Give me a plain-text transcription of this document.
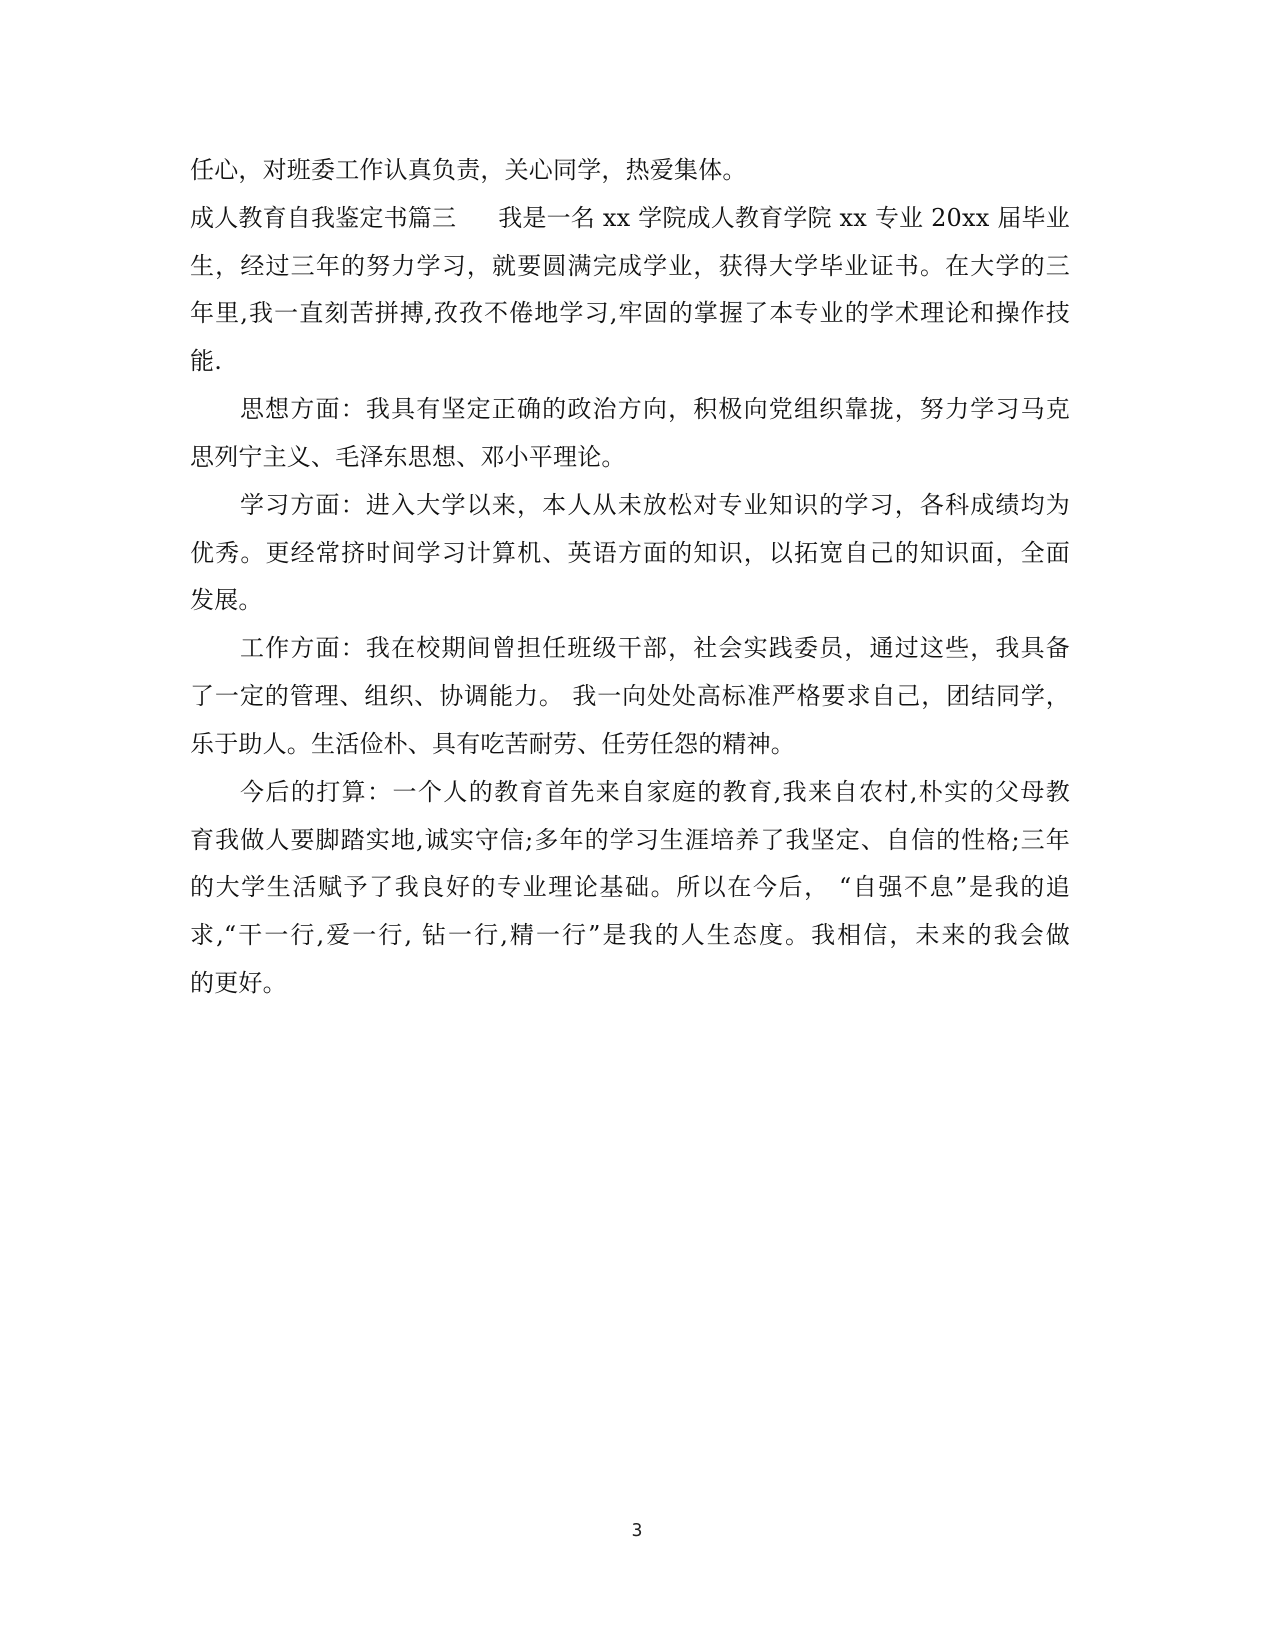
任心，对班委工作认真负责，关心同学，热爱集体。
成人教育自我鉴定书篇三 我是一名 xx 学院成人教育学院 xx 专业 20xx 届毕业
生，经过三年的努力学习，就要圆满完成学业，获得大学毕业证书。在大学的三
年里,我一直刻苦拼搏,孜孜不倦地学习,牢固的掌握了本专业的学术理论和操作技
能.
思想方面：我具有坚定正确的政治方向，积极向党组织靠拢，努力学习马克
思列宁主义、毛泽东思想、邓小平理论。
学习方面：进入大学以来，本人从未放松对专业知识的学习，各科成绩均为
优秀。更经常挤时间学习计算机、英语方面的知识，以拓宽自己的知识面，全面
发展。
工作方面：我在校期间曾担任班级干部，社会实践委员，通过这些，我具备
了一定的管理、组织、协调能力。 我一向处处高标准严格要求自己，团结同学，
乐于助人。生活俭朴、具有吃苦耐劳、任劳任怨的精神。
今后的打算：一个人的教育首先来自家庭的教育,我来自农村,朴实的父母教
育我做人要脚踏实地,诚实守信;多年的学习生涯培养了我坚定、自信的性格;三年
的大学生活赋予了我良好的专业理论基础。所以在今后， “自强不息”是我的追
求,“干一行,爱一行, 钻一行,精一行”是我的人生态度。我相信，未来的我会做
的更好。
3
